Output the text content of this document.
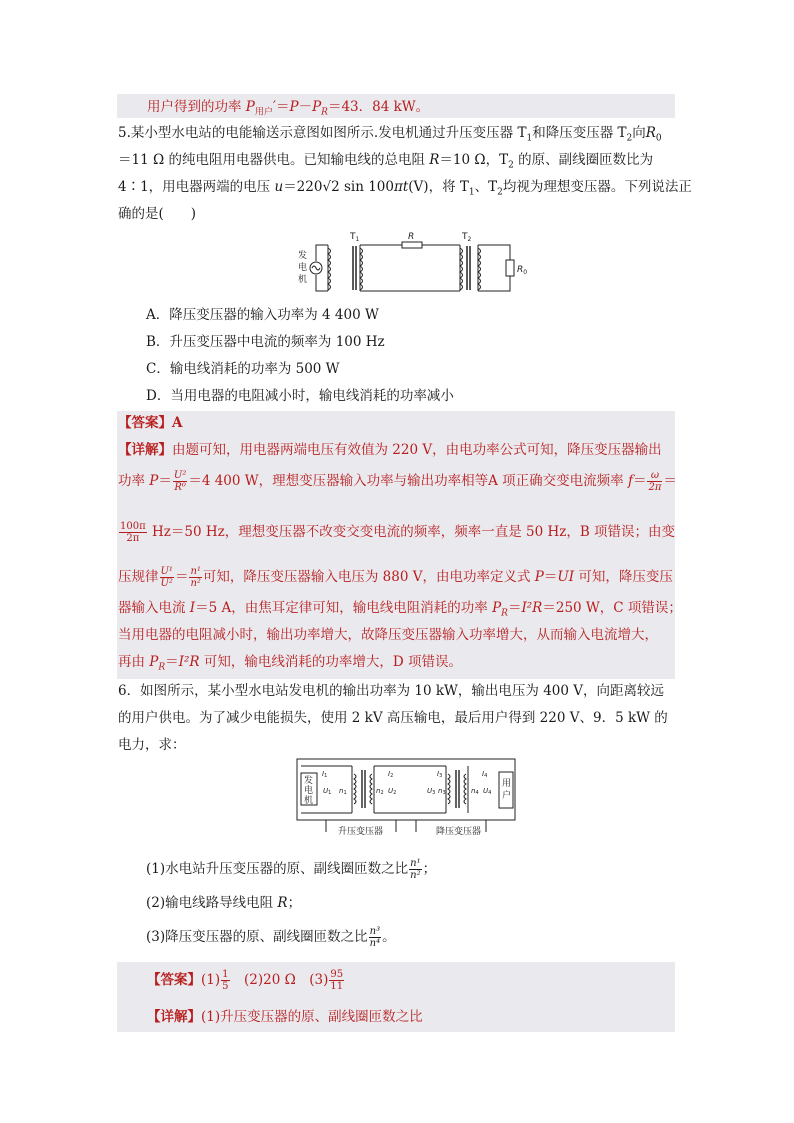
用户得到的功率 $P_{用户}'=P-P_R=43$．84 kW。
5.某小型水电站的电能输送示意图如图所示.发电机通过升压变压器 $T_1$和降压变压器 $T_2$向$R_0$
＝11 Ω 的纯电阻用电器供电。已知输电线的总电阻 R＝10 Ω，$T_2$ 的原、副线圈匝数比为
4∶1，用电器两端的电压 u＝220√2 sin 100πt(V)，将 $T_1$、$T_2$均视为理想变压器。下列说法正
确的是(　　)
发
电
机
$T_1$	R	$T_2$
$R_0$
A．降压变压器的输入功率为 4 400 W
B．升压变压器中电流的频率为 100 Hz
C．输电线消耗的功率为 500 W
D．当用电器的电阻减小时，输电线消耗的功率减小
【答案】A
【详解】由题可知，用电器两端电压有效值为 220 V，由电功率公式可知，降压变压器输出
功率 $P= \frac{\text{U²}}{\text{R⁰}} =4$ 400 W，理想变压器输入功率与输出功率相等A 项正确交变电流频率 $f= \frac{\omega}{2\pi}$ ＝
$\frac{100\pi}{2\pi} Hz=50$ Hz，理想变压器不改变交变电流的频率，频率一直是 50 Hz，B 项错误；由变
压规律 $\frac{\text{U¹}}{\text{U²}} = \frac{\text{n¹}}{\text{n²}}$ 可知，降压变压器输入电压为 880 V，由电功率定义式 P＝UI 可知，降压变压
器输入电流 I＝5 A，由焦耳定律可知，输电线电阻消耗的功率 $P_R=I^2R=250$ W，C 项错误；
当用电器的电阻减小时，输出功率增大，故降压变压器输入功率增大，从而输入电流增大，
再由 $P_R=I^2R$ 可知，输电线消耗的功率增大，D 项错误。
6．如图所示，某小型水电站发电机的输出功率为 10 kW，输出电压为 400 V，向距离较远
的用户供电。为了减少电能损失，使用 2 kV 高压输电，最后用户得到 220 V、9．5 kW 的
电力，求：
发
电
机
用
户
I1
U1 n1	n2 U2
I2	I3
U3 n3	n4 U4
I4
升压变压器	降压变压器
(1)水电站升压变压器的原、副线圈匝数之比 $\frac{\text{n¹}}{\text{n²}}$ ；
(2)输电线路导线电阻 R；
(3)降压变压器的原、副线圈匝数之比 $\frac{\text{n³}}{\text{n⁴}}$ 。
【答案】$(1) \frac{1}{5}$ 　(2)20 Ω　$(3) \frac{95}{11}$
【详解】(1)升压变压器的原、副线圈匝数之比
